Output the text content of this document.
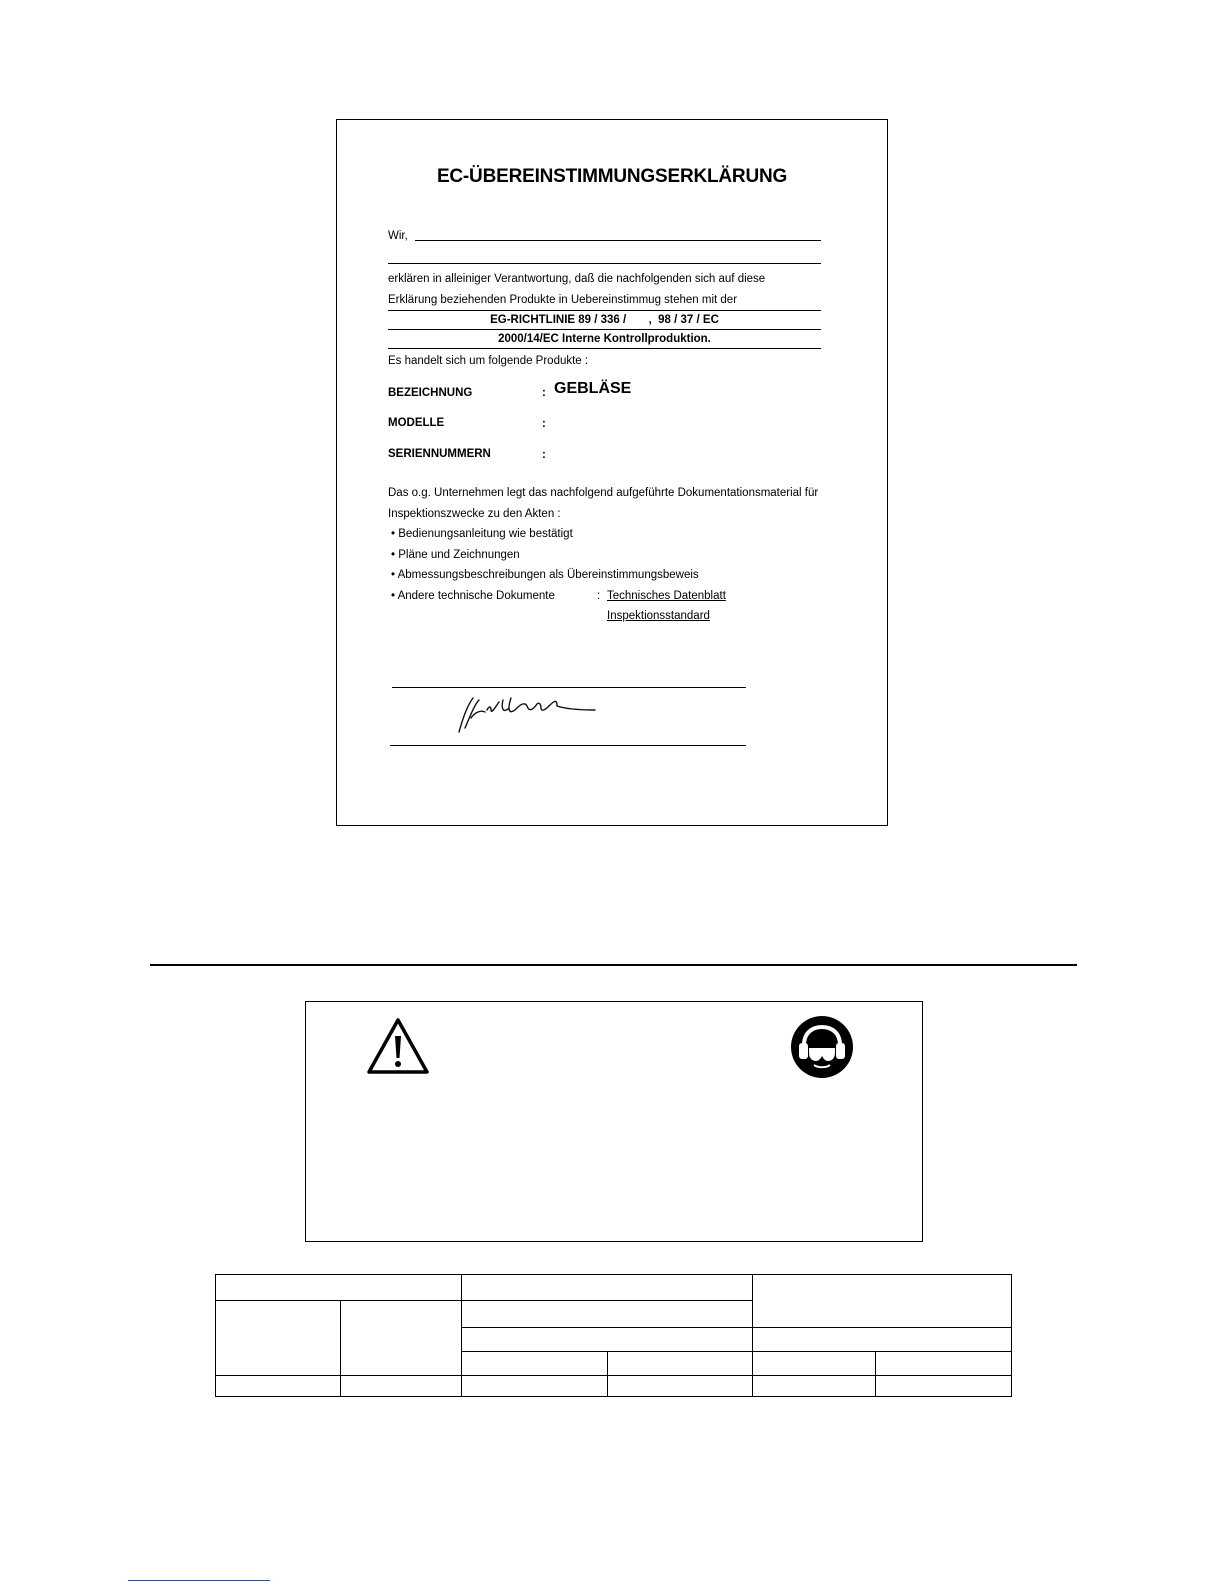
EC-ÜBEREINSTIMMUNGSERKLÄRUNG
Wir,
erklären in alleiniger Verantwortung, daß die nachfolgenden sich auf diese
Erklärung beziehenden Produkte in Uebereinstimmug stehen mit der
EG-RICHTLINIE 89 / 336 /       ,  98 / 37 / EC
2000/14/EC Interne Kontrollproduktion.
Es handelt sich um folgende Produkte :
BEZEICHNUNG	: GEBLÄSE
MODELLE	:
SERIENNUMMERN	:
Das o.g. Unternehmen legt das nachfolgend aufgeführte Dokumentationsmaterial für
Inspektionszwecke zu den Akten :
• Bedienungsanleitung wie bestätigt
• Pläne und Zeichnungen
• Abmessungsbeschreibungen als Übereinstimmungsbeweis
• Andere technische Dokumente	: Technisches Datenblatt
Inspektionsstandard
